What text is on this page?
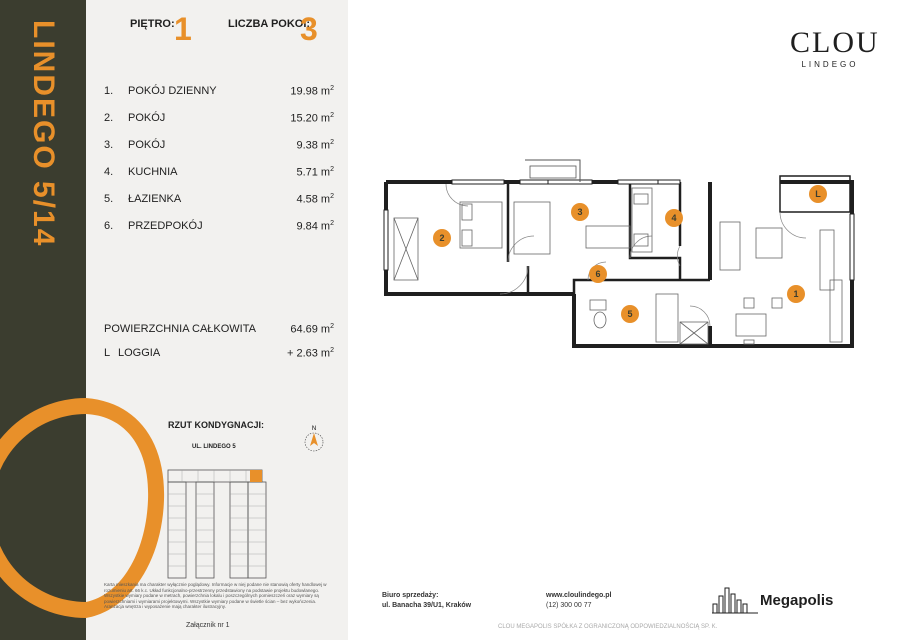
LINDEGO 5/14	PIĘTRO: 1	LICZBA POKOI:
3
1. POKÓJ DZIENNY	19.98 $m^2$
2. POKÓJ	15.20 $m^2$
3. POKÓJ	9.38 $m^2$
4. KUCHNIA	5.71 $m^2$
5. ŁAZIENKA	4.58 $m^2$
6. PRZEDPOKÓJ	9.84 $m^2$
POWIERZCHNIA CAŁKOWITA	64.69 $m^2$
L LOGGIA	+ 2.63 $m^2$
RZUT KONDYGNACJI:
UL. LINDEGO 5
N
Karta mieszkania ma charakter wyłącznie poglądowy. Informacje w niej podane nie stanowią oferty handlowej w rozumieniu art. 66 k.c. Układ funkcjonalno-przestrzenny przedstawiony na podstawie projektu budowlanego. Wszystkie wymiary podane w metrach, powierzchnia lokalu i poszczególnych pomieszczeń oraz wymiary są powierzchniami i wymiarami projektowymi. Wszystkie wymiary podane w świetle ścian – bez wykończenia. Aranżacja wnętrza i wyposażenie mają charakter ilustracyjny.
Załącznik nr 1
CLOU
LINDEGO
1
2
3
4
5
6
L
Biuro sprzedaży:
ul. Banacha 39/U1, Kraków
www.cloulindego.pl
(12) 300 00 77	Megapolis
CLOU MEGAPOLIS SPÓŁKA Z OGRANICZONĄ ODPOWIEDZIALNOŚCIĄ SP. K.
